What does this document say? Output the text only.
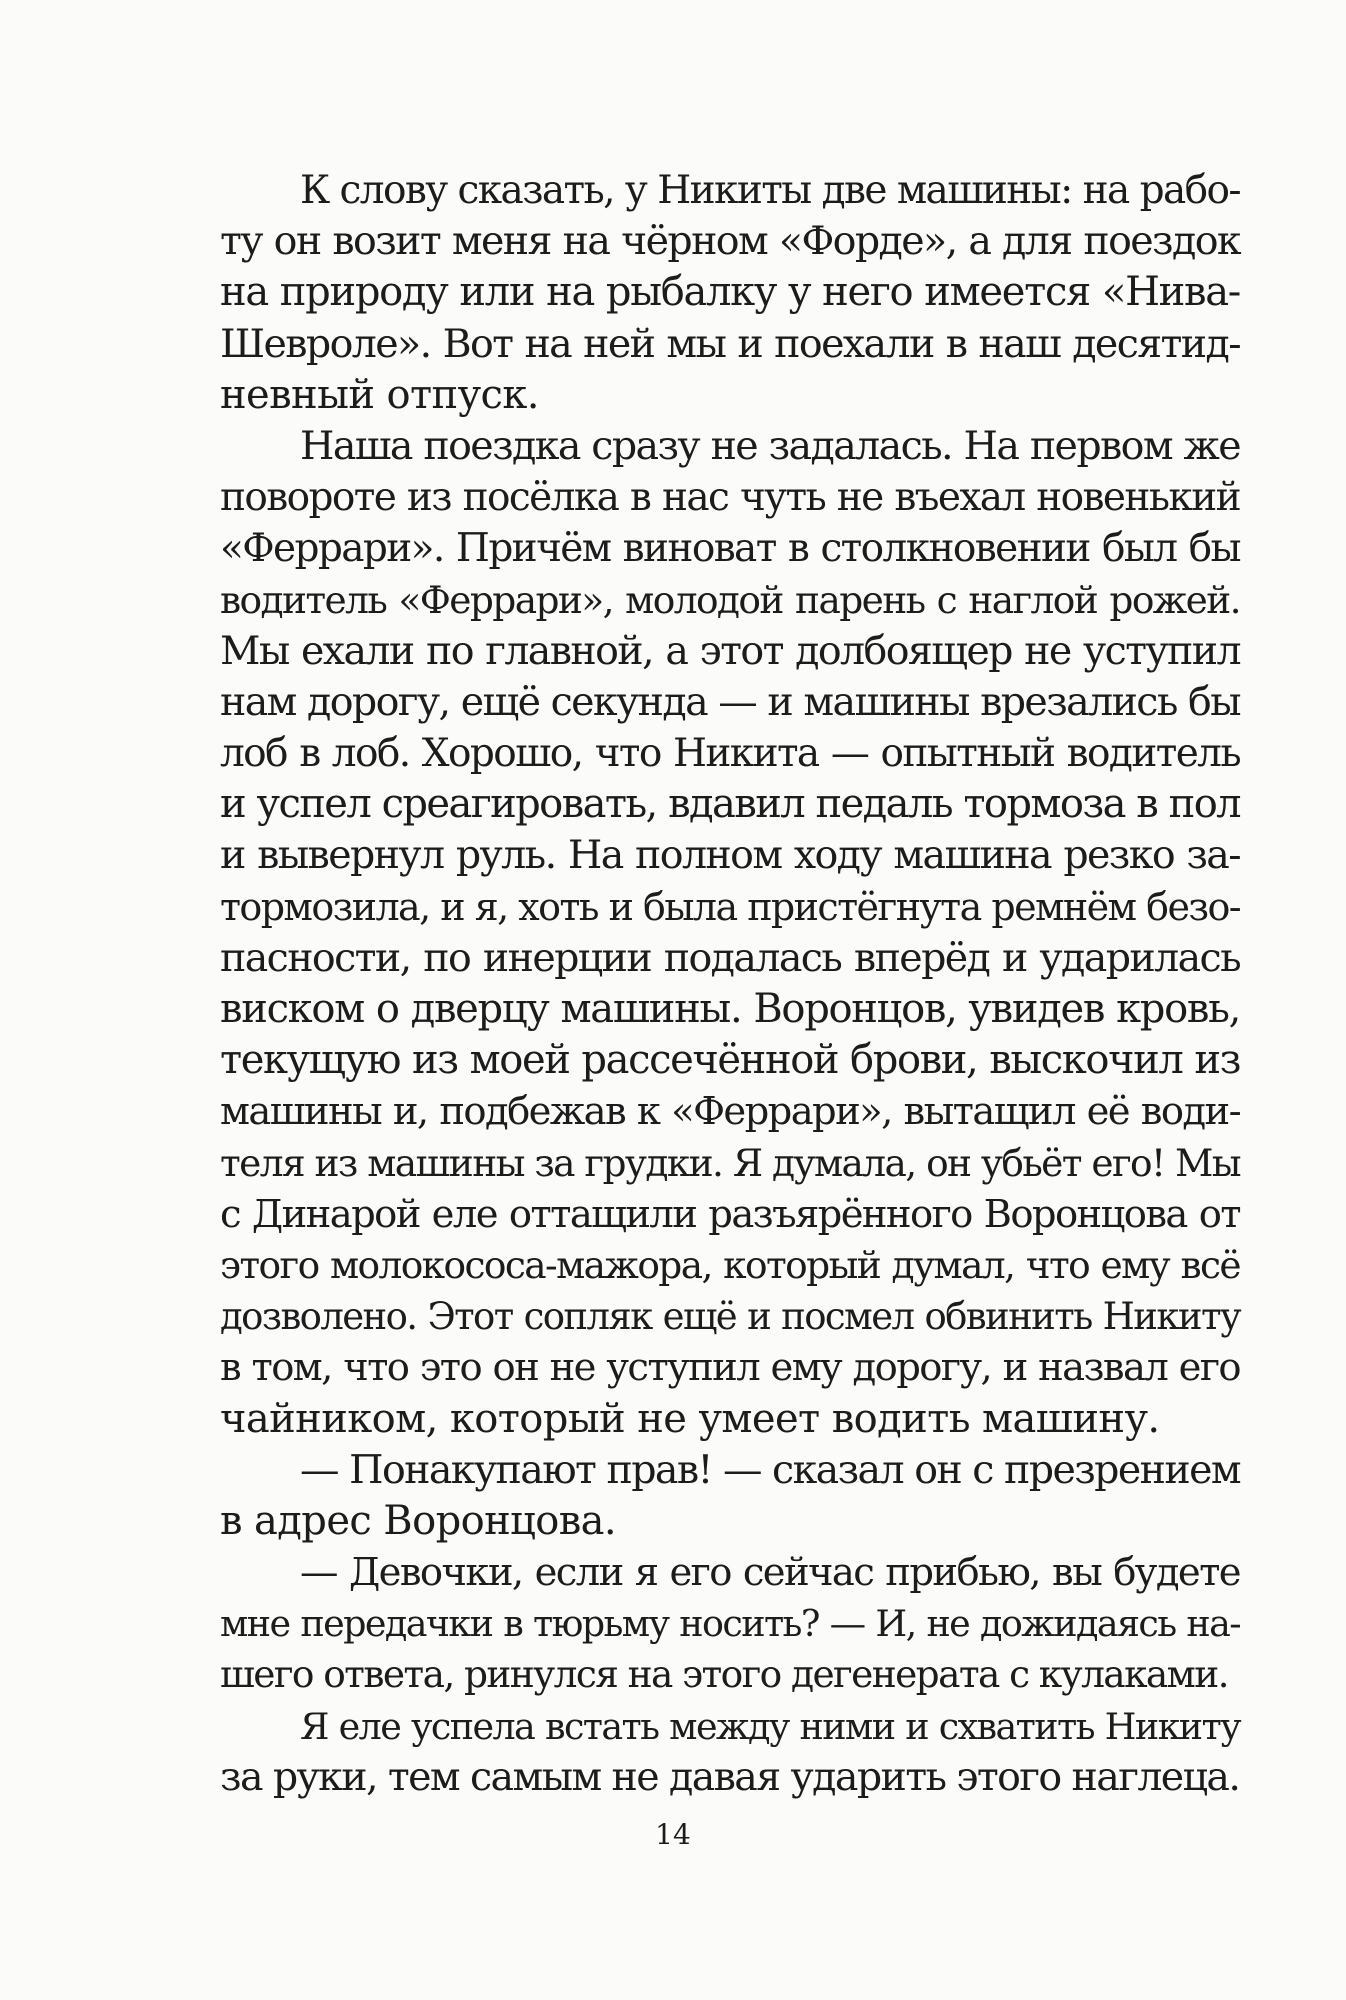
К слову сказать, у Никиты две машины: на рабо-
ту он возит меня на чёрном «Форде», а для поездок
на природу или на рыбалку у него имеется «Нива-
Шевроле». Вот на ней мы и поехали в наш десятид-
невный отпуск.
Наша поездка сразу не задалась. На первом же
повороте из посёлка в нас чуть не въехал новенький
«Феррари». Причём виноват в столкновении был бы
водитель «Феррари», молодой парень с наглой рожей.
Мы ехали по главной, а этот долбоящер не уступил
нам дорогу, ещё секунда — и машины врезались бы
лоб в лоб. Хорошо, что Никита — опытный водитель
и успел среагировать, вдавил педаль тормоза в пол
и вывернул руль. На полном ходу машина резко за-
тормозила, и я, хоть и была пристёгнута ремнём безо-
пасности, по инерции подалась вперёд и ударилась
виском о дверцу машины. Воронцов, увидев кровь,
текущую из моей рассечённой брови, выскочил из
машины и, подбежав к «Феррари», вытащил её води-
теля из машины за грудки. Я думала, он убьёт его! Мы
с Динарой еле оттащили разъярённого Воронцова от
этого молокососа-мажора, который думал, что ему всё
дозволено. Этот сопляк ещё и посмел обвинить Никиту
в том, что это он не уступил ему дорогу, и назвал его
чайником, который не умеет водить машину.
— Понакупают прав! — сказал он с презрением
в адрес Воронцова.
— Девочки, если я его сейчас прибью, вы будете
мне передачки в тюрьму носить? — И, не дожидаясь на-
шего ответа, ринулся на этого дегенерата с кулаками.
Я еле успела встать между ними и схватить Никиту
за руки, тем самым не давая ударить этого наглеца.
14
